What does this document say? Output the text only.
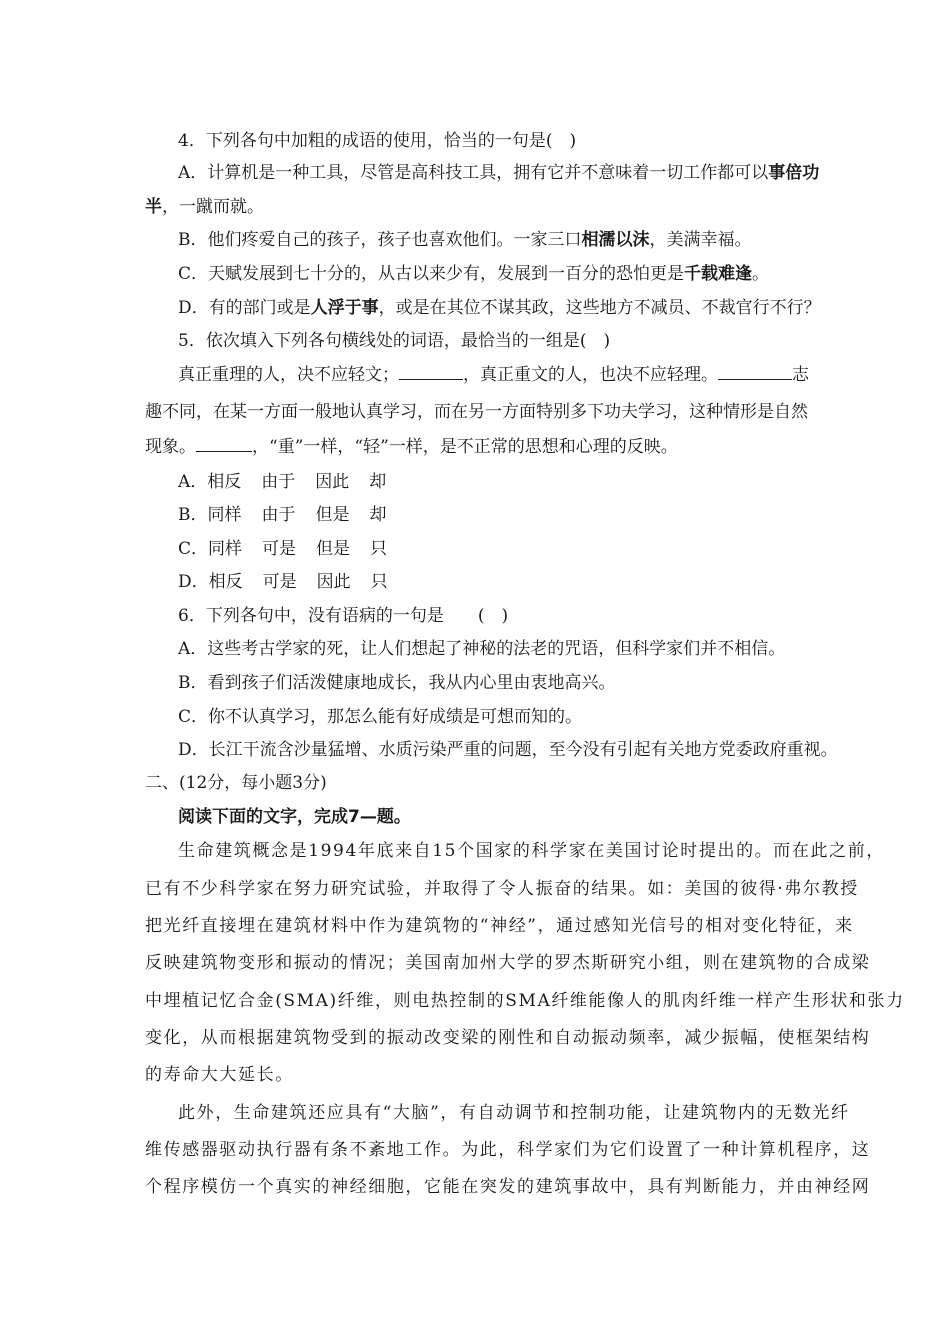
4．下列各句中加粗的成语的使用，恰当的一句是(　)
A．计算机是一种工具，尽管是高科技工具，拥有它并不意味着一切工作都可以事倍功
半，一蹴而就。
B．他们疼爱自己的孩子，孩子也喜欢他们。一家三口相濡以沫，美满幸福。
C．天赋发展到七十分的，从古以来少有，发展到一百分的恐怕更是千载难逢。
D．有的部门或是人浮于事，或是在其位不谋其政，这些地方不减员、不裁官行不行？
5．依次填入下列各句横线处的词语，最恰当的一组是(　)
真正重理的人，决不应轻文；	，真正重文的人，也决不应轻理。	志
趣不同，在某一方面一般地认真学习，而在另一方面特别多下功夫学习，这种情形是自然
现象。	，“重”一样，“轻”一样，是不正常的思想和心理的反映。
A．相反 由于 因此 却
B．同样 由于 但是 却
C．同样 可是 但是 只
D．相反 可是 因此 只
6．下列各句中，没有语病的一句是　　(　)
A．这些考古学家的死，让人们想起了神秘的法老的咒语，但科学家们并不相信。
B．看到孩子们活泼健康地成长，我从内心里由衷地高兴。
C．你不认真学习，那怎么能有好成绩是可想而知的。
D．长江干流含沙量猛增、水质污染严重的问题，至今没有引起有关地方党委政府重视。
二、(12分，每小题3分)
阅读下面的文字，完成7—题。
生命建筑概念是1994年底来自15个国家的科学家在美国讨论时提出的。而在此之前，
已有不少科学家在努力研究试验，并取得了令人振奋的结果。如：美国的彼得·弗尔教授
把光纤直接埋在建筑材料中作为建筑物的“神经”，通过感知光信号的相对变化特征，来
反映建筑物变形和振动的情况；美国南加州大学的罗杰斯研究小组，则在建筑物的合成梁
中埋植记忆合金(SMA)纤维，则电热控制的SMA纤维能像人的肌肉纤维一样产生形状和张力
变化，从而根据建筑物受到的振动改变梁的刚性和自动振动频率，减少振幅，使框架结构
的寿命大大延长。
此外，生命建筑还应具有“大脑”，有自动调节和控制功能，让建筑物内的无数光纤
维传感器驱动执行器有条不紊地工作。为此，科学家们为它们设置了一种计算机程序，这
个程序模仿一个真实的神经细胞，它能在突发的建筑事故中，具有判断能力，并由神经网
